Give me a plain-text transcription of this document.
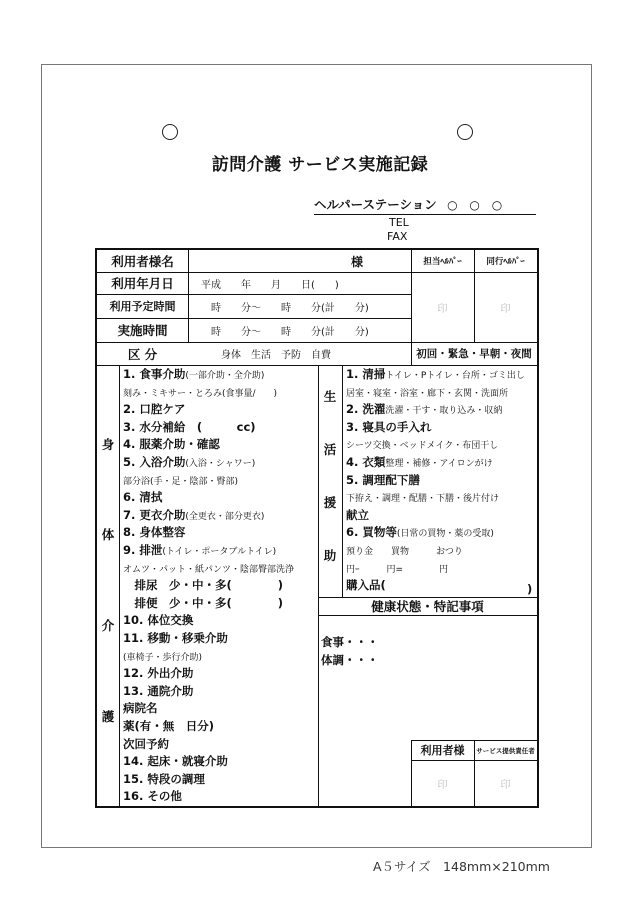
訪問介護 サービス実施記録
ヘルパーステーション ○ ○ ○
TEL
FAX
利用者様名	様	担当ﾍﾙﾊﾟｰ	同行ﾍﾙﾊﾟｰ
利用年月日	平成　　年　　月　　日(　　)
利用予定時間	時　　分～　　時　　分(計　　分)
実施時間	時　　分～　　時　　分(計　　分)
印	印
区 分	身体　生活　予防　自費	初回・緊急・早朝・夜間
身
体
介
護
生
活
援
助
1. 食事介助(一部介助・全介助)
刻み・ミキサー・とろみ(食事量/　　)
2. 口腔ケア
3. 水分補給　(　　　cc)
4. 服薬介助・確認
5. 入浴介助(入浴・シャワー)
部分浴(手・足・陰部・臀部)
6. 清拭
7. 更衣介助(全更衣・部分更衣)
8. 身体整容
9. 排泄(トイレ・ポータブルトイレ)
オムツ・パット・紙パンツ・陰部臀部洗浄
　排尿　少・中・多(　　　　)
　排便　少・中・多(　　　　)
10. 体位交換
11. 移動・移乗介助
(車椅子・歩行介助)
12. 外出介助
13. 通院介助
病院名
薬(有・無　日分)
次回予約
14. 起床・就寝介助
15. 特段の調理
16. その他
1. 清掃トイレ・Pトイレ・台所・ゴミ出し
居室・寝室・浴室・廊下・玄関・洗面所
2. 洗濯洗濯・干す・取り込み・収納
3. 寝具の手入れ
シーツ交換・ベッドメイク・布団干し
4. 衣類整理・補修・アイロンがけ
5. 調理配下膳
下拵え・調理・配膳・下膳・後片付け
献立
6. 買物等(日常の買物・薬の受取)
預り金　　買物　　　おつり
円ｰ　　　円=　　　　円
購入品(	)
健康状態・特記事項
食事・・・
体調・・・
利用者様	サービス提供責任者
印	印
A５サイズ　148mm×210mm
